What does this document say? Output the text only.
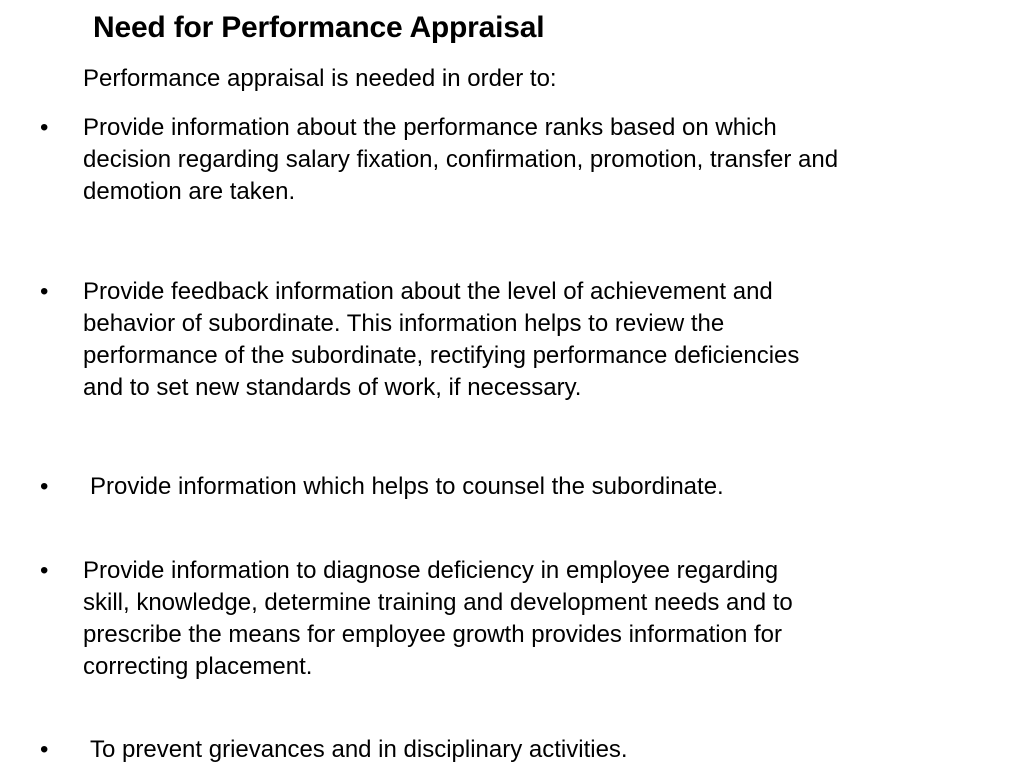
Need for Performance Appraisal
Performance appraisal is needed in order to:
• Provide information about the performance ranks based on which
decision regarding salary fixation, confirmation, promotion, transfer and
demotion are taken.
• Provide feedback information about the level of achievement and
behavior of subordinate. This information helps to review the
performance of the subordinate, rectifying performance deficiencies
and to set new standards of work, if necessary.
• Provide information which helps to counsel the subordinate.
• Provide information to diagnose deficiency in employee regarding
skill, knowledge, determine training and development needs and to
prescribe the means for employee growth provides information for
correcting placement.
• To prevent grievances and in disciplinary activities.
